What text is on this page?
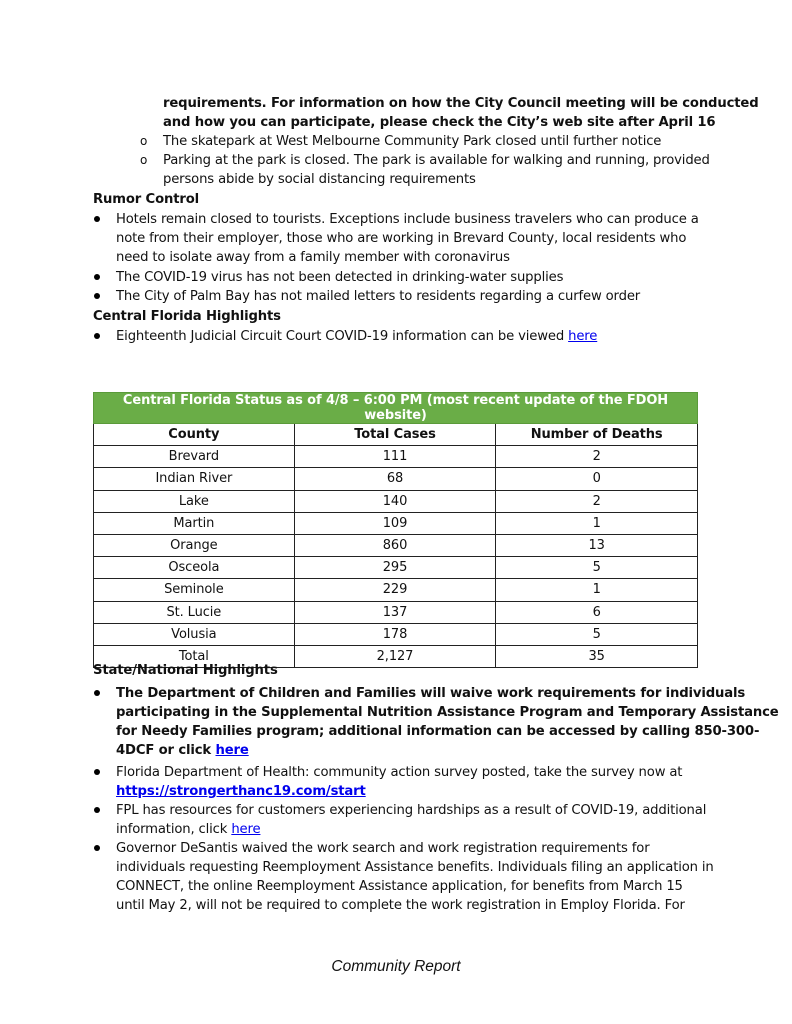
requirements. For information on how the City Council meeting will be conducted
and how you can participate, please check the City’s web site after April 16
o The skatepark at West Melbourne Community Park closed until further notice
o Parking at the park is closed. The park is available for walking and running, provided
persons abide by social distancing requirements
Rumor Control
Hotels remain closed to tourists. Exceptions include business travelers who can produce a
note from their employer, those who are working in Brevard County, local residents who
need to isolate away from a family member with coronavirus
The COVID-19 virus has not been detected in drinking-water supplies
The City of Palm Bay has not mailed letters to residents regarding a curfew order
Central Florida Highlights
Eighteenth Judicial Circuit Court COVID-19 information can be viewed here
Central Florida Status as of 4/8 – 6:00 PM (most recent update of the FDOH website)		
County	Total Cases	Number of Deaths
Brevard	111	2
Indian River	68	0
Lake	140	2
Martin	109	1
Orange	860	13
Osceola	295	5
Seminole	229	1
St. Lucie	137	6
Volusia	178	5
Total	2,127	35
State/National Highlights
The Department of Children and Families will waive work requirements for individuals
participating in the Supplemental Nutrition Assistance Program and Temporary Assistance
for Needy Families program; additional information can be accessed by calling 850-300-
4DCF or click here
Florida Department of Health: community action survey posted, take the survey now at
https://strongerthanc19.com/start
FPL has resources for customers experiencing hardships as a result of COVID-19, additional
information, click here
Governor DeSantis waived the work search and work registration requirements for
individuals requesting Reemployment Assistance benefits. Individuals filing an application in
CONNECT, the online Reemployment Assistance application, for benefits from March 15
until May 2, will not be required to complete the work registration in Employ Florida. For
Community Report
